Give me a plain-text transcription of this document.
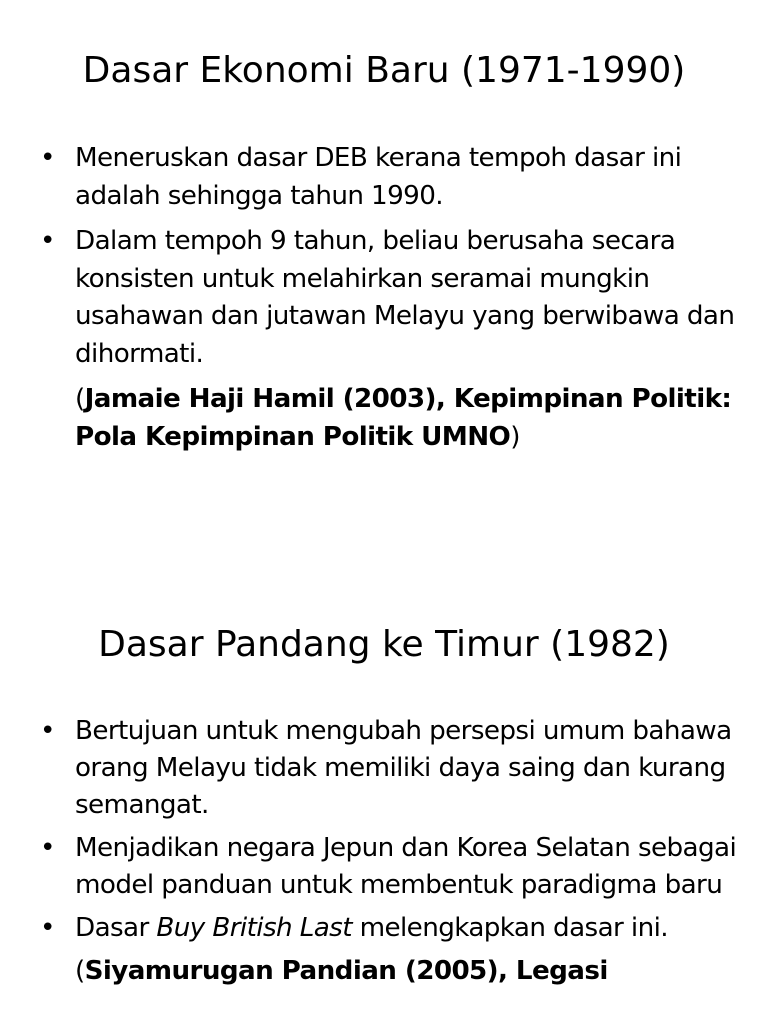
Dasar Ekonomi Baru (1971-1990)
• Meneruskan dasar DEB kerana tempoh dasar ini adalah sehingga tahun 1990.
• Dalam tempoh 9 tahun, beliau berusaha secara konsisten untuk melahirkan seramai mungkin usahawan dan jutawan Melayu yang berwibawa dan dihormati.
(Jamaie Haji Hamil (2003), Kepimpinan Politik: Pola Kepimpinan Politik UMNO)
Dasar Pandang ke Timur (1982)
• Bertujuan untuk mengubah persepsi umum bahawa orang Melayu tidak memiliki daya saing dan kurang semangat.
• Menjadikan negara Jepun dan Korea Selatan sebagai model panduan untuk membentuk paradigma baru
• Dasar Buy British Last melengkapkan dasar ini.
(Siyamurugan Pandian (2005), Legasi
